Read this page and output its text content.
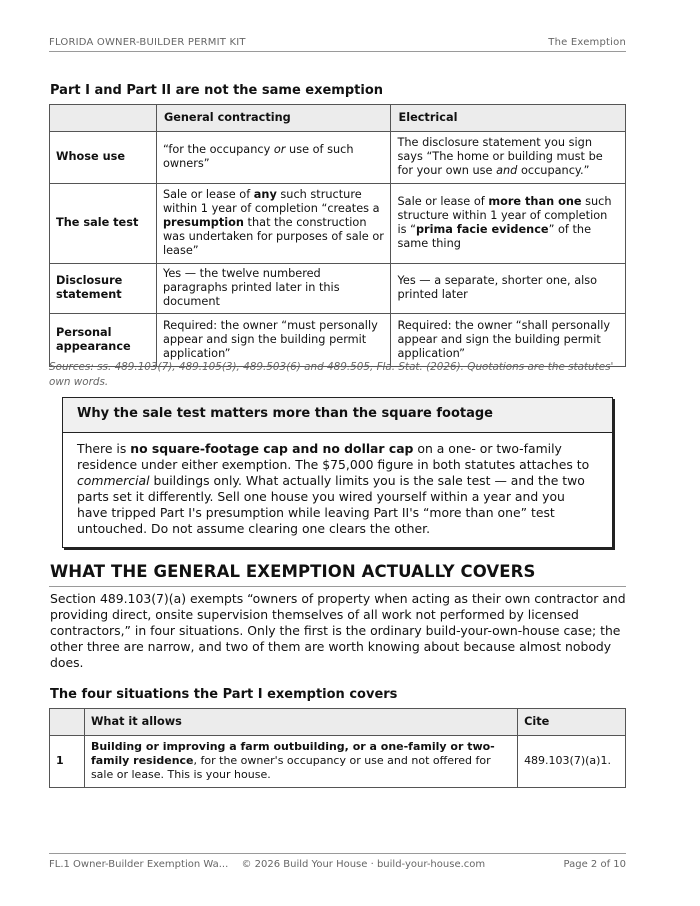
FLORIDA OWNER-BUILDER PERMIT KIT	The Exemption
Part I and Part II are not the same exemption
	General contracting	Electrical
Whose use	“for the occupancy or use of such owners”	The disclosure statement you sign says “The home or building must be for your own use and occupancy.”
The sale test	Sale or lease of any such structure within 1 year of completion “creates a presumption that the construction was undertaken for purposes of sale or lease”	Sale or lease of more than one such structure within 1 year of completion is “prima facie evidence” of the same thing
Disclosure statement	Yes — the twelve numbered paragraphs printed later in this document	Yes — a separate, shorter one, also printed later
Personal appearance	Required: the owner “must personally appear and sign the building permit application”	Required: the owner “shall personally appear and sign the building permit application”
Sources: ss. 489.103(7), 489.105(3), 489.503(6) and 489.505, Fla. Stat. (2026). Quotations are the statutes' own words.
Why the sale test matters more than the square footage
There is no square-footage cap and no dollar cap on a one- or two-family residence under either exemption. The $75,000 figure in both statutes attaches to commercial buildings only. What actually limits you is the sale test — and the two parts set it differently. Sell one house you wired yourself within a year and you have tripped Part I's presumption while leaving Part II's “more than one” test untouched. Do not assume clearing one clears the other.
WHAT THE GENERAL EXEMPTION ACTUALLY COVERS
Section 489.103(7)(a) exempts “owners of property when acting as their own contractor and providing direct, onsite supervision themselves of all work not performed by licensed contractors,” in four situations. Only the first is the ordinary build-your-own-house case; the other three are narrow, and two of them are worth knowing about because almost nobody does.
The four situations the Part I exemption covers
	What it allows	Cite
1	Building or improving a farm outbuilding, or a one-family or two-family residence, for the owner's occupancy or use and not offered for sale or lease. This is your house.	489.103(7)(a)1.
FL.1 Owner-Builder Exemption Wa... © 2026 Build Your House · build-your-house.com	Page 2 of 10
